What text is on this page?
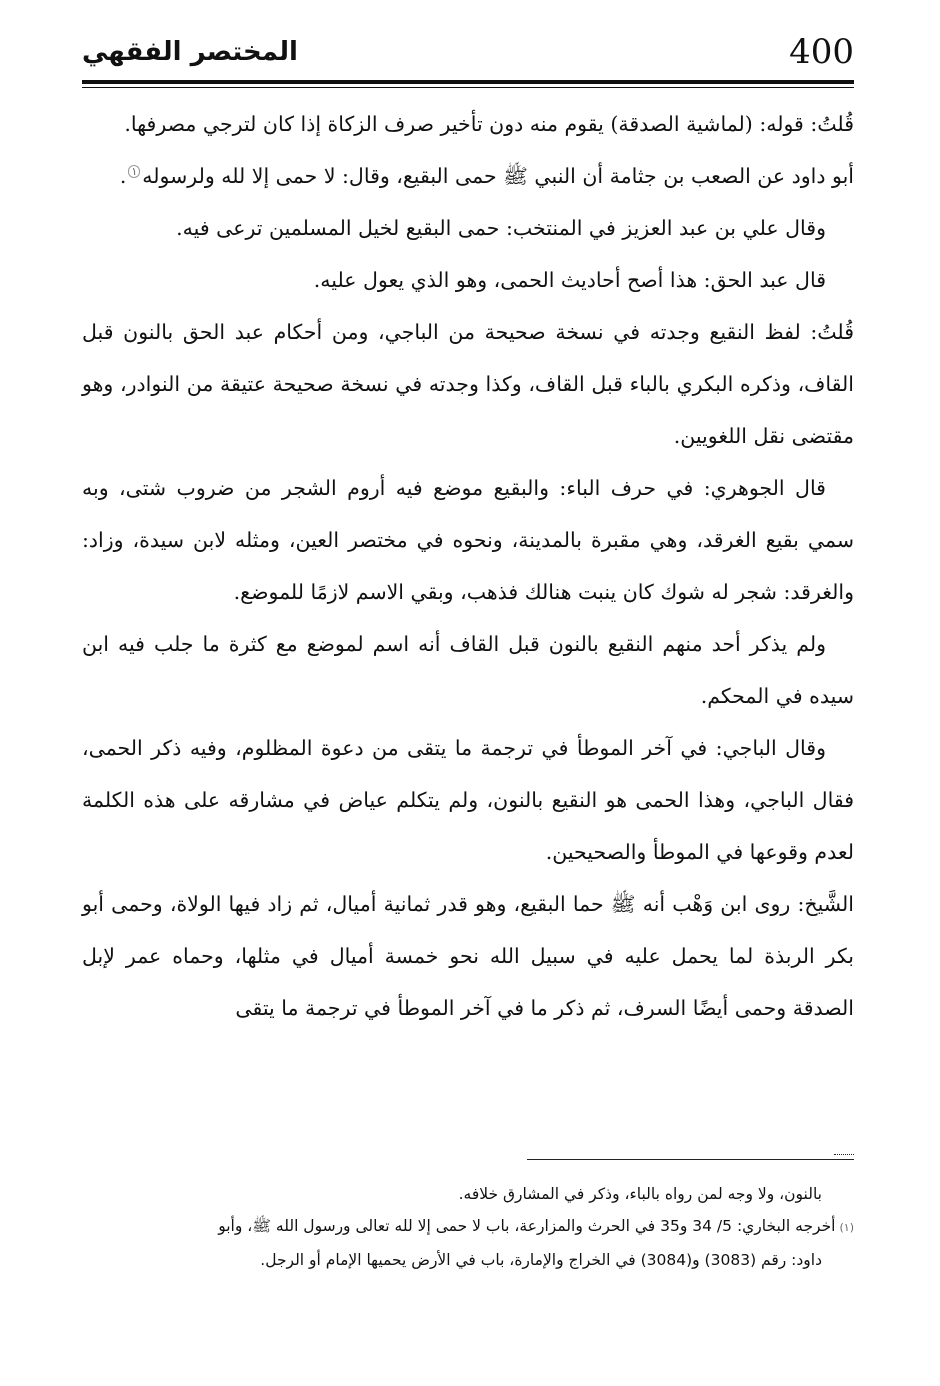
المختصر الفقهي	400

قُلتُ: قوله: (لماشية الصدقة) يقوم منه دون تأخير صرف الزكاة إذا كان لترجي مصرفها.

أبو داود عن الصعب بن جثامة أن النبي ﷺ حمى البقيع، وقال: لا حمى إلا لله ولرسوله١.

وقال علي بن عبد العزيز في المنتخب: حمى البقيع لخيل المسلمين ترعى فيه.

قال عبد الحق: هذا أصح أحاديث الحمى، وهو الذي يعول عليه.

قُلتُ: لفظ النقيع وجدته في نسخة صحيحة من الباجي، ومن أحكام عبد الحق بالنون قبل القاف، وذكره البكري بالباء قبل القاف، وكذا وجدته في نسخة صحيحة عتيقة من النوادر، وهو مقتضى نقل اللغويين.

قال الجوهري: في حرف الباء: والبقيع موضع فيه أروم الشجر من ضروب شتى، وبه سمي بقيع الغرقد، وهي مقبرة بالمدينة، ونحوه في مختصر العين، ومثله لابن سيدة، وزاد: والغرقد: شجر له شوك كان ينبت هنالك فذهب، وبقي الاسم لازمًا للموضع.

ولم يذكر أحد منهم النقيع بالنون قبل القاف أنه اسم لموضع مع كثرة ما جلب فيه ابن سيده في المحكم.

وقال الباجي: في آخر الموطأ في ترجمة ما يتقى من دعوة المظلوم، وفيه ذكر الحمى، فقال الباجي، وهذا الحمى هو النقيع بالنون، ولم يتكلم عياض في مشارقه على هذه الكلمة لعدم وقوعها في الموطأ والصحيحين.

الشَّيخ: روى ابن وَهْب أنه ﷺ حما البقيع، وهو قدر ثمانية أميال، ثم زاد فيها الولاة، وحمى أبو بكر الربذة لما يحمل عليه في سبيل الله نحو خمسة أميال في مثلها، وحماه عمر لإبل الصدقة وحمى أيضًا السرف، ثم ذكر ما في آخر الموطأ في ترجمة ما يتقى

بالنون، ولا وجه لمن رواه بالباء، وذكر في المشارق خلافه.

(١)أخرجه البخاري: 5/ 34 و35 في الحرث والمزارعة، باب لا حمى إلا لله تعالى ورسول الله ﷺ، وأبو

داود: رقم (3083) و(3084) في الخراج والإمارة، باب في الأرض يحميها الإمام أو الرجل.
